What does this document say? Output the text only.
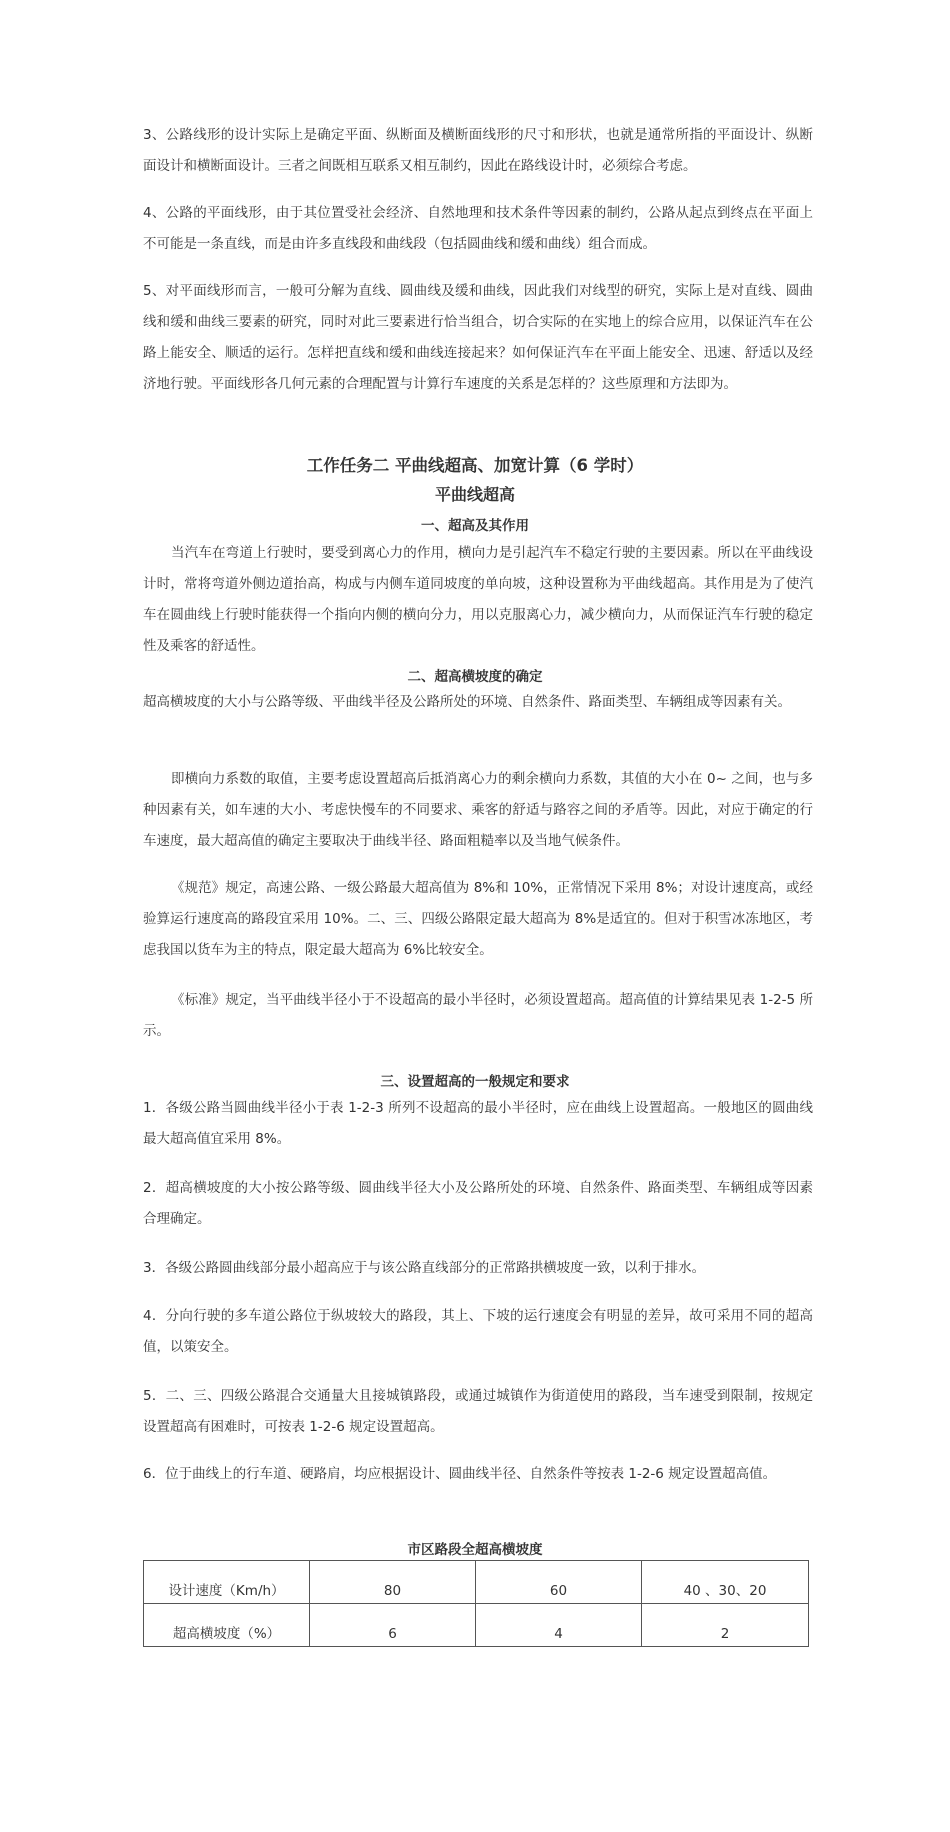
3、公路线形的设计实际上是确定平面、纵断面及横断面线形的尺寸和形状，也就是通常所指的平面设计、纵断面设计和横断面设计。三者之间既相互联系又相互制约，因此在路线设计时，必须综合考虑。

4、公路的平面线形，由于其位置受社会经济、自然地理和技术条件等因素的制约，公路从起点到终点在平面上不可能是一条直线，而是由许多直线段和曲线段（包括圆曲线和缓和曲线）组合而成。

5、对平面线形而言，一般可分解为直线、圆曲线及缓和曲线，因此我们对线型的研究，实际上是对直线、圆曲线和缓和曲线三要素的研究，同时对此三要素进行恰当组合，切合实际的在实地上的综合应用，以保证汽车在公路上能安全、顺适的运行。怎样把直线和缓和曲线连接起来？如何保证汽车在平面上能安全、迅速、舒适以及经济地行驶。平面线形各几何元素的合理配置与计算行车速度的关系是怎样的？这些原理和方法即为。

工作任务二 平曲线超高、加宽计算（6 学时）

平曲线超高

一、超高及其作用

当汽车在弯道上行驶时，要受到离心力的作用，横向力是引起汽车不稳定行驶的主要因素。所以在平曲线设计时，常将弯道外侧边道抬高，构成与内侧车道同坡度的单向坡，这种设置称为平曲线超高。其作用是为了使汽车在圆曲线上行驶时能获得一个指向内侧的横向分力，用以克服离心力，减少横向力，从而保证汽车行驶的稳定性及乘客的舒适性。

二、超高横坡度的确定

超高横坡度的大小与公路等级、平曲线半径及公路所处的环境、自然条件、路面类型、车辆组成等因素有关。

即横向力系数的取值，主要考虑设置超高后抵消离心力的剩余横向力系数，其值的大小在 0~ 之间，也与多种因素有关，如车速的大小、考虑快慢车的不同要求、乘客的舒适与路容之间的矛盾等。因此，对应于确定的行车速度，最大超高值的确定主要取决于曲线半径、路面粗糙率以及当地气候条件。

《规范》规定，高速公路、一级公路最大超高值为 8%和 10%，正常情况下采用 8%；对设计速度高，或经验算运行速度高的路段宜采用 10%。二、三、四级公路限定最大超高为 8%是适宜的。但对于积雪冰冻地区，考虑我国以货车为主的特点，限定最大超高为 6%比较安全。

《标准》规定，当平曲线半径小于不设超高的最小半径时，必须设置超高。超高值的计算结果见表 1-2-5 所示。

三、设置超高的一般规定和要求

1．各级公路当圆曲线半径小于表 1-2-3 所列不设超高的最小半径时，应在曲线上设置超高。一般地区的圆曲线最大超高值宜采用 8%。

2．超高横坡度的大小按公路等级、圆曲线半径大小及公路所处的环境、自然条件、路面类型、车辆组成等因素合理确定。

3．各级公路圆曲线部分最小超高应于与该公路直线部分的正常路拱横坡度一致，以利于排水。

4．分向行驶的多车道公路位于纵坡较大的路段，其上、下坡的运行速度会有明显的差异，故可采用不同的超高值，以策安全。

5．二、三、四级公路混合交通量大且接城镇路段，或通过城镇作为街道使用的路段，当车速受到限制，按规定设置超高有困难时，可按表 1-2-6 规定设置超高。

6．位于曲线上的行车道、硬路肩，均应根据设计、圆曲线半径、自然条件等按表 1-2-6 规定设置超高值。

市区路段全超高横坡度
设计速度（Km/h）	80	60	40 、30、20
超高横坡度（%）	6	4	2
